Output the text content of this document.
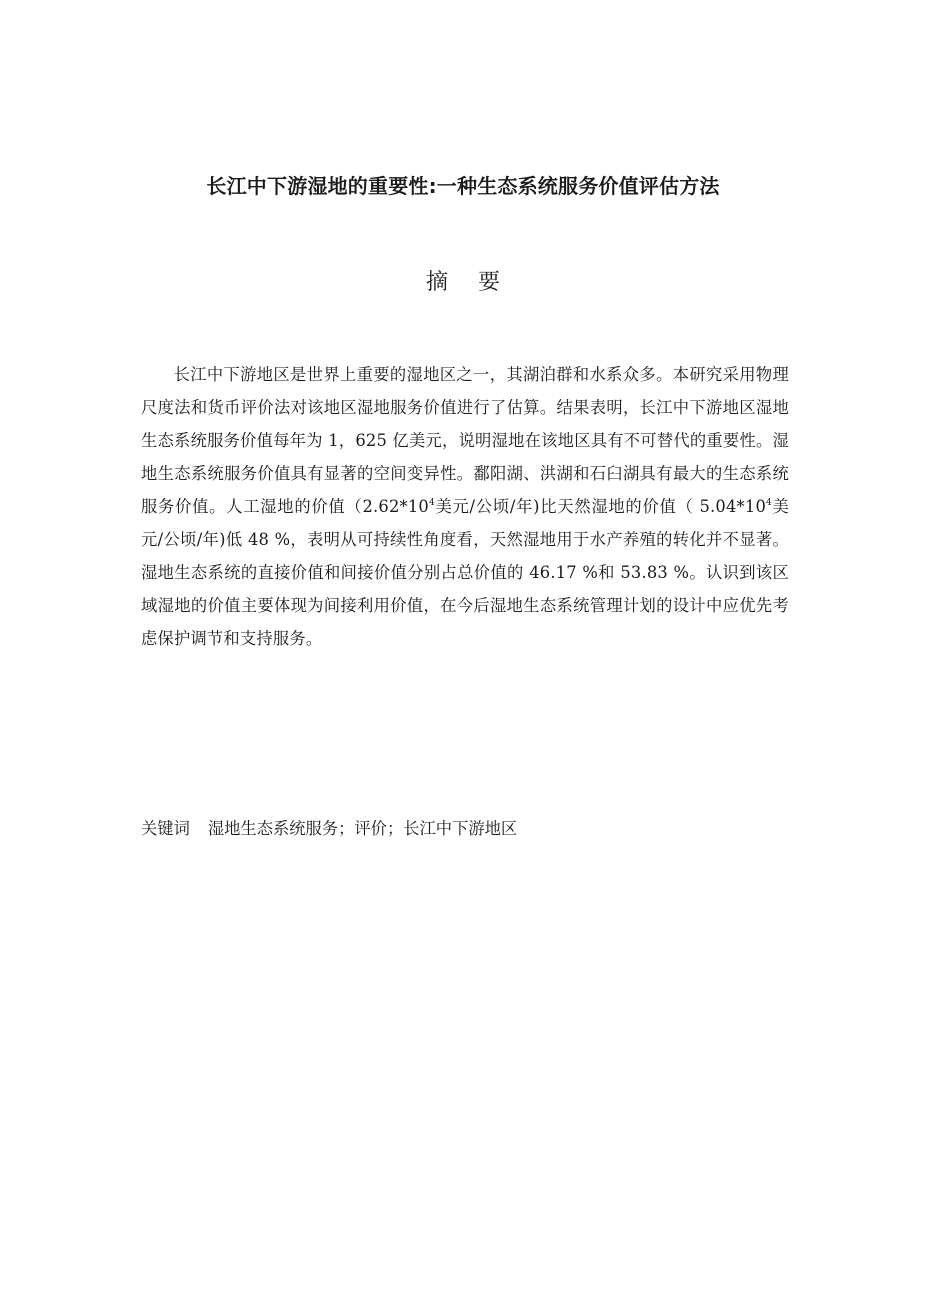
长江中下游湿地的重要性:一种生态系统服务价值评估方法
摘要
长江中下游地区是世界上重要的湿地区之一，其湖泊群和水系众多。本研究采用物理尺度法和货币评价法对该地区湿地服务价值进行了估算。结果表明，长江中下游地区湿地生态系统服务价值每年为 1，625 亿美元，说明湿地在该地区具有不可替代的重要性。湿地生态系统服务价值具有显著的空间变异性。鄱阳湖、洪湖和石臼湖具有最大的生态系统服务价值。人工湿地的价值（$2.62*10^4$美元/公顷/年)比天然湿地的价值（ $5.04*10^4$美元/公顷/年)低 48 %，表明从可持续性角度看，天然湿地用于水产养殖的转化并不显著。湿地生态系统的直接价值和间接价值分别占总价值的 46.17 %和 53.83 %。认识到该区域湿地的价值主要体现为间接利用价值，在今后湿地生态系统管理计划的设计中应优先考虑保护调节和支持服务。
关键词 湿地生态系统服务；评价；长江中下游地区
